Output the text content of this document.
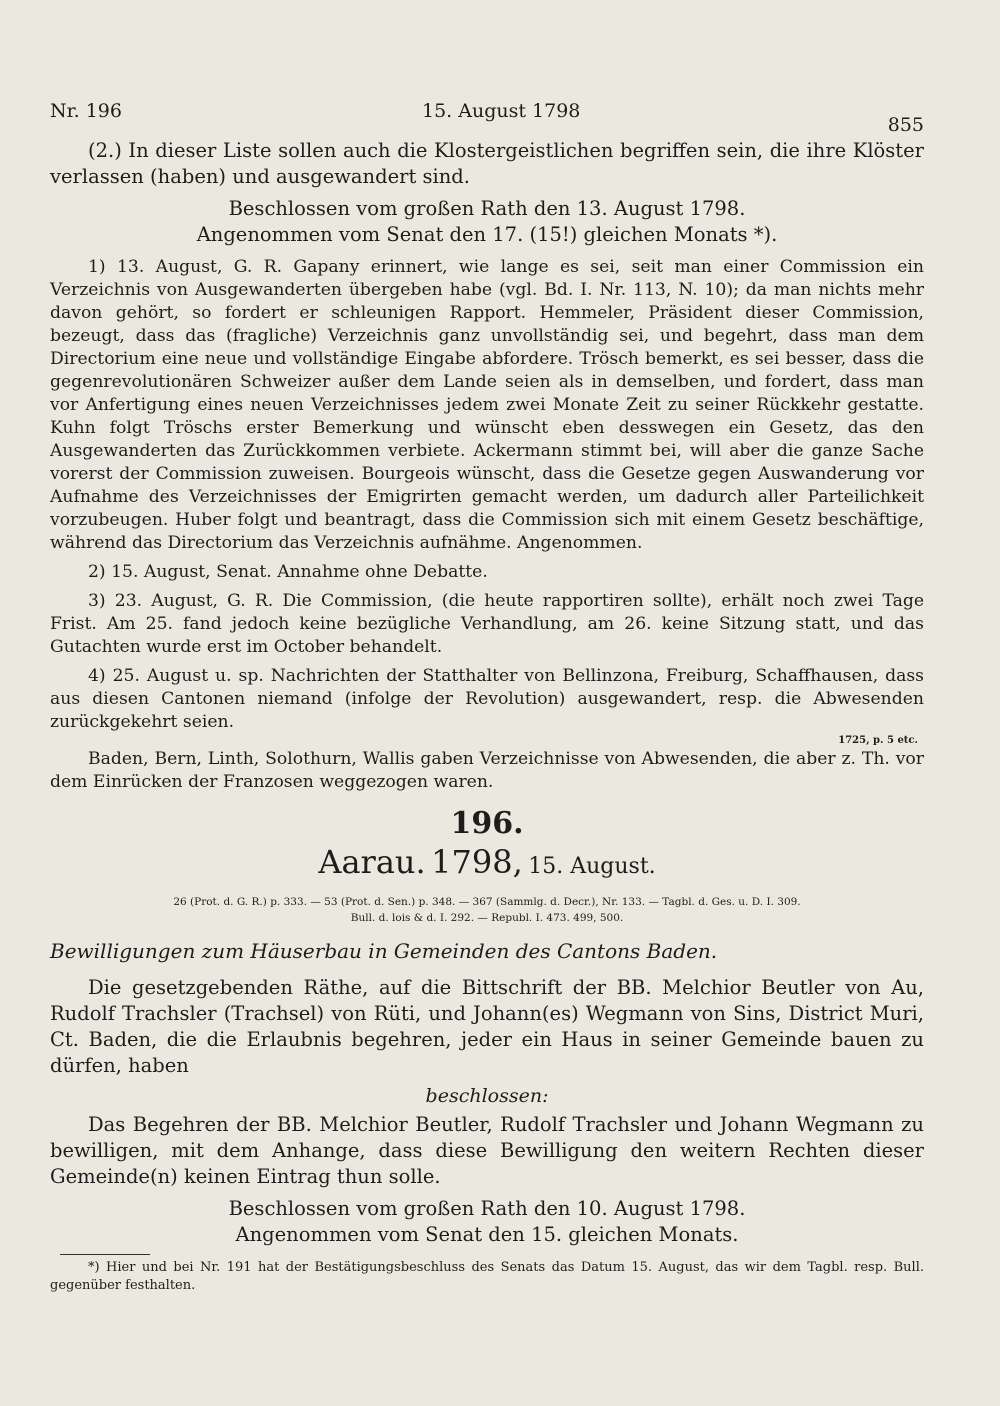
Nr. 196	15. August 1798
855

(2.) In dieser Liste sollen auch die Klostergeistlichen begriffen sein, die ihre Klöster verlassen (haben) und ausgewandert sind.

Beschlossen vom großen Rath den 13. August 1798.

Angenommen vom Senat den 17. (15!) gleichen Monats *).

1) 13. August, G. R. Gapany erinnert, wie lange es sei, seit man einer Commission ein Verzeichnis von Ausgewanderten übergeben habe (vgl. Bd. I. Nr. 113, N. 10); da man nichts mehr davon gehört, so fordert er schleunigen Rapport. Hemmeler, Präsident dieser Commission, bezeugt, dass das (fragliche) Verzeichnis ganz unvollständig sei, und begehrt, dass man dem Directorium eine neue und vollständige Eingabe abfordere. Trösch bemerkt, es sei besser, dass die gegenrevolutionären Schweizer außer dem Lande seien als in demselben, und fordert, dass man vor Anfertigung eines neuen Verzeichnisses jedem zwei Monate Zeit zu seiner Rückkehr gestatte. Kuhn folgt Tröschs erster Bemerkung und wünscht eben desswegen ein Gesetz, das den Ausgewanderten das Zurückkommen verbiete. Ackermann stimmt bei, will aber die ganze Sache vorerst der Commission zuweisen. Bourgeois wünscht, dass die Gesetze gegen Auswanderung vor Aufnahme des Verzeichnisses der Emigrirten gemacht werden, um dadurch aller Parteilichkeit vorzubeugen. Huber folgt und beantragt, dass die Commission sich mit einem Gesetz beschäftige, während das Directorium das Verzeichnis aufnähme. Angenommen.

2) 15. August, Senat. Annahme ohne Debatte.

3) 23. August, G. R. Die Commission, (die heute rapportiren sollte), erhält noch zwei Tage Frist. Am 25. fand jedoch keine bezügliche Verhandlung, am 26. keine Sitzung statt, und das Gutachten wurde erst im October behandelt.

4) 25. August u. sp. Nachrichten der Statthalter von Bellinzona, Freiburg, Schaffhausen, dass aus diesen Cantonen niemand (infolge der Revolution) ausgewandert, resp. die Abwesenden zurückgekehrt seien.

1725, p. 5 etc.

Baden, Bern, Linth, Solothurn, Wallis gaben Verzeichnisse von Abwesenden, die aber z. Th. vor dem Einrücken der Franzosen weggezogen waren.

196.

Aarau. 1798, 15. August.

26 (Prot. d. G. R.) p. 333. — 53 (Prot. d. Sen.) p. 348. — 367 (Sammlg. d. Decr.), Nr. 133. — Tagbl. d. Ges. u. D. I. 309.
Bull. d. lois & d. I. 292. — Republ. I. 473. 499, 500.

Bewilligungen zum Häuserbau in Gemeinden des Cantons Baden.

Die gesetzgebenden Räthe, auf die Bittschrift der BB. Melchior Beutler von Au, Rudolf Trachsler (Trachsel) von Rüti, und Johann(es) Wegmann von Sins, District Muri, Ct. Baden, die die Erlaubnis begehren, jeder ein Haus in seiner Gemeinde bauen zu dürfen, haben

beschlossen:

Das Begehren der BB. Melchior Beutler, Rudolf Trachsler und Johann Wegmann zu bewilligen, mit dem Anhange, dass diese Bewilligung den weitern Rechten dieser Gemeinde(n) keinen Eintrag thun solle.

Beschlossen vom großen Rath den 10. August 1798.

Angenommen vom Senat den 15. gleichen Monats.

*) Hier und bei Nr. 191 hat der Bestätigungsbeschluss des Senats das Datum 15. August, das wir dem Tagbl. resp. Bull. gegenüber festhalten.
